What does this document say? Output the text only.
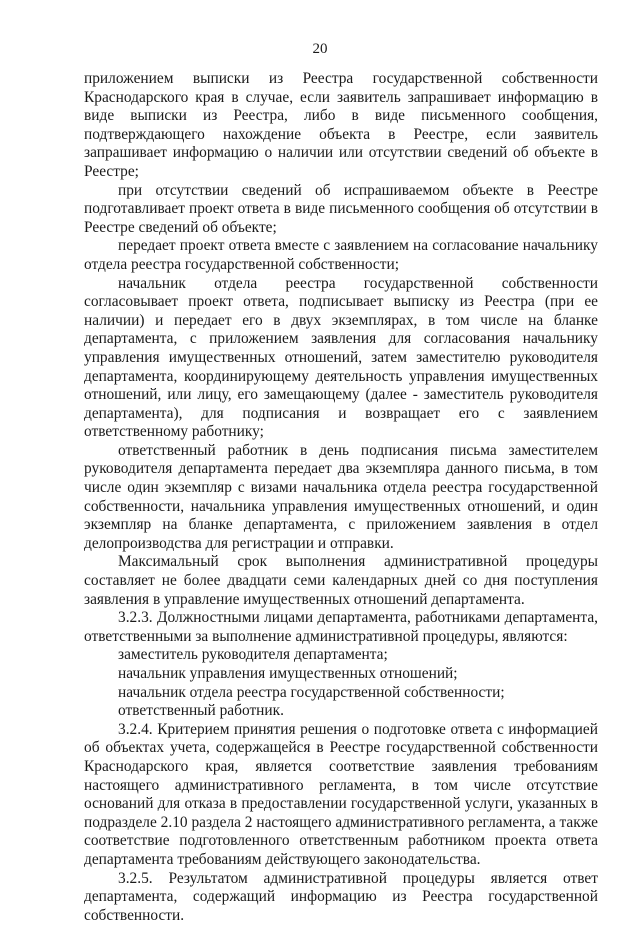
20

приложением выписки из Реестра государственной собственности Краснодарского края в случае, если заявитель запрашивает информацию в виде выписки из Реестра, либо в виде письменного сообщения, подтверждающего нахождение объекта в Реестре, если заявитель запрашивает информацию о наличии или отсутствии сведений об объекте в Реестре;

при отсутствии сведений об испрашиваемом объекте в Реестре подготавливает проект ответа в виде письменного сообщения об отсутствии в Реестре сведений об объекте;

передает проект ответа вместе с заявлением на согласование начальнику отдела реестра государственной собственности;

начальник отдела реестра государственной собственности согласовывает проект ответа, подписывает выписку из Реестра (при ее наличии) и передает его в двух экземплярах, в том числе на бланке департамента, с приложением заявления для согласования начальнику управления имущественных отношений, затем заместителю руководителя департамента, координирующему деятельность управления имущественных отношений, или лицу, его замещающему (далее - заместитель руководителя департамента), для подписания и возвращает его с заявлением ответственному работнику;

ответственный работник в день подписания письма заместителем руководителя департамента передает два экземпляра данного письма, в том числе один экземпляр с визами начальника отдела реестра государственной собственности, начальника управления имущественных отношений, и один экземпляр на бланке департамента, с приложением заявления в отдел делопроизводства для регистрации и отправки.

Максимальный срок выполнения административной процедуры составляет не более двадцати семи календарных дней со дня поступления заявления в управление имущественных отношений департамента.

3.2.3. Должностными лицами департамента, работниками департамента, ответственными за выполнение административной процедуры, являются:

заместитель руководителя департамента;

начальник управления имущественных отношений;

начальник отдела реестра государственной собственности;

ответственный работник.

3.2.4. Критерием принятия решения о подготовке ответа с информацией об объектах учета, содержащейся в Реестре государственной собственности Краснодарского края, является соответствие заявления требованиям настоящего административного регламента, в том числе отсутствие оснований для отказа в предоставлении государственной услуги, указанных в подразделе 2.10 раздела 2 настоящего административного регламента, а также соответствие подготовленного ответственным работником проекта ответа департамента требованиям действующего законодательства.

3.2.5. Результатом административной процедуры является ответ департамента, содержащий информацию из Реестра государственной собственности.
